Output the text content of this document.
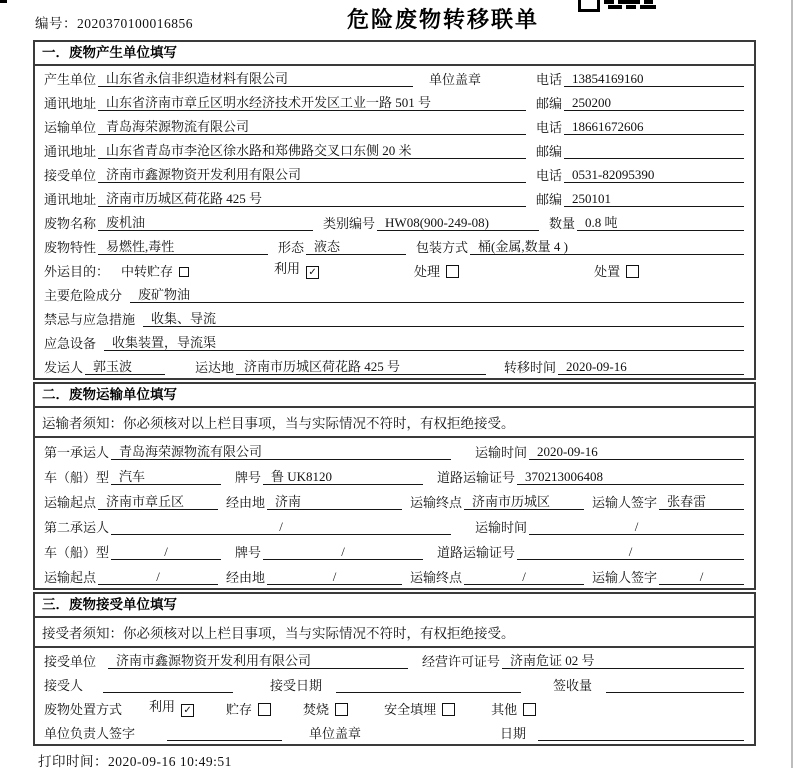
编号：2020370100016856	危险废物转移联单
一．废物产生单位填写
产生单位 山东省永信非织造材料有限公司	单位盖章	电话 13854169160
通讯地址 山东省济南市章丘区明水经济技术开发区工业一路 501 号	邮编 250200
运输单位 青岛海荣源物流有限公司	电话 18661672606
通讯地址 山东省青岛市李沧区徐水路和郑佛路交叉口东侧 20 米	邮编
接受单位 济南市鑫源物资开发利用有限公司	电话 0531-82095390
通讯地址 济南市历城区荷花路 425 号	邮编 250101
废物名称 废机油	类别编号 HW08(900-249-08)	数量 0.8 吨
废物特性 易燃性,毒性	形态 液态	包装方式 桶(金属,数量 4 )
外运目的： 中转贮存	利用 ✓	处理	处置
主要危险成分	废矿物油
禁忌与应急措施	收集、导流
应急设备	收集装置，导流渠
发运人 郭玉波	运达地 济南市历城区荷花路 425 号	转移时间 2020-09-16
二．废物运输单位填写
运输者须知：你必须核对以上栏目事项，当与实际情况不符时，有权拒绝接受。
第一承运人 青岛海荣源物流有限公司	运输时间 2020-09-16
车（船）型 汽车	牌号 鲁 UK8120	道路运输证号 370213006408
运输起点 济南市章丘区	经由地 济南	运输终点 济南市历城区	运输人签字 张春雷
第二承运人	/	运输时间	/
车（船）型	/	牌号	/	道路运输证号	/
运输起点	/	经由地	/	运输终点	/	运输人签字	/
三．废物接受单位填写
接受者须知：你必须核对以上栏目事项，当与实际情况不符时，有权拒绝接受。
接受单位	济南市鑫源物资开发利用有限公司	经营许可证号 济南危证 02 号
接受人	接受日期	签收量
废物处置方式 利用 ✓	贮存	焚烧	安全填埋	其他
单位负责人签字	单位盖章	日期
打印时间：2020-09-16 10:49:51
